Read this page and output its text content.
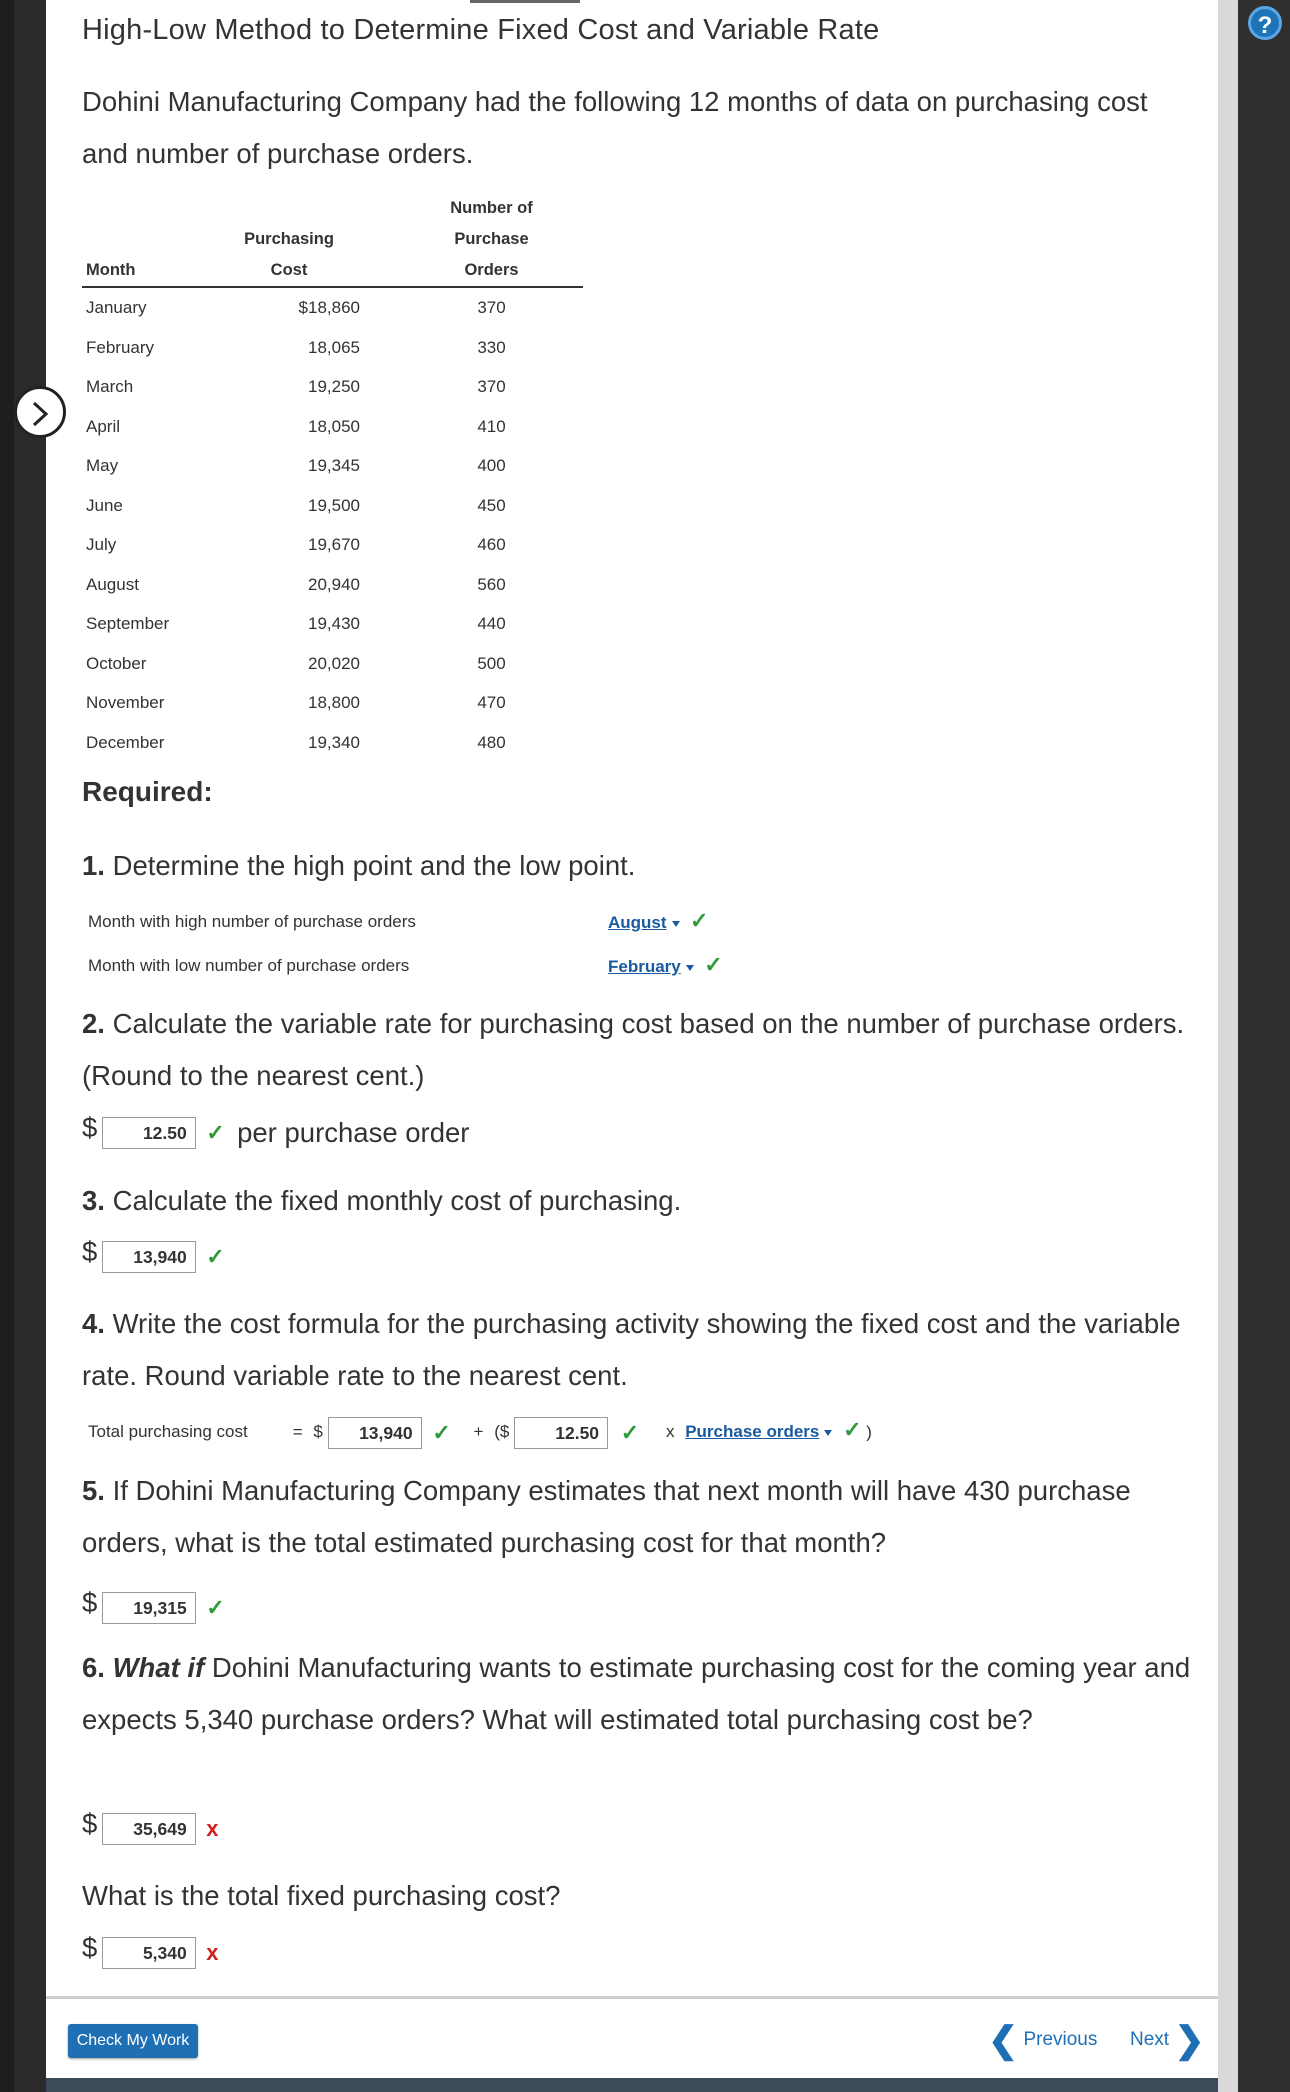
?
High-Low Method to Determine Fixed Cost and Variable Rate
Dohini Manufacturing Company had the following 12 months of data on purchasing cost and number of purchase orders.
		Number of
	Purchasing	Purchase
Month	Cost	Orders
January	$18,860	370
February	18,065	330
March	19,250	370
April	18,050	410
May	19,345	400
June	19,500	450
July	19,670	460
August	20,940	560
September	19,430	440
October	20,020	500
November	18,800	470
December	19,340	480
Required:
1. Determine the high point and the low point.
Month with high number of purchase orders	August ✓
Month with low number of purchase orders	February ✓
2. Calculate the variable rate for purchasing cost based on the number of purchase orders. (Round to the nearest cent.)
$	12.50 ✓ per purchase order
3. Calculate the fixed monthly cost of purchasing.
$ 13,940 ✓
4. Write the cost formula for the purchasing activity showing the fixed cost and the variable rate. Round variable rate to the nearest cent.
Total purchasing cost	= $ 13,940 ✓ + ($	12.50 ✓ x Purchase orders ✓ )
5. If Dohini Manufacturing Company estimates that next month will have 430 purchase orders, what is the total estimated purchasing cost for that month?
$ 19,315 ✓
6. What if Dohini Manufacturing wants to estimate purchasing cost for the coming year and expects 5,340 purchase orders? What will estimated total purchasing cost be?
$ 35,649 x
What is the total fixed purchasing cost?
$	5,340 x
Check My Work	❮ Previous Next ❯
